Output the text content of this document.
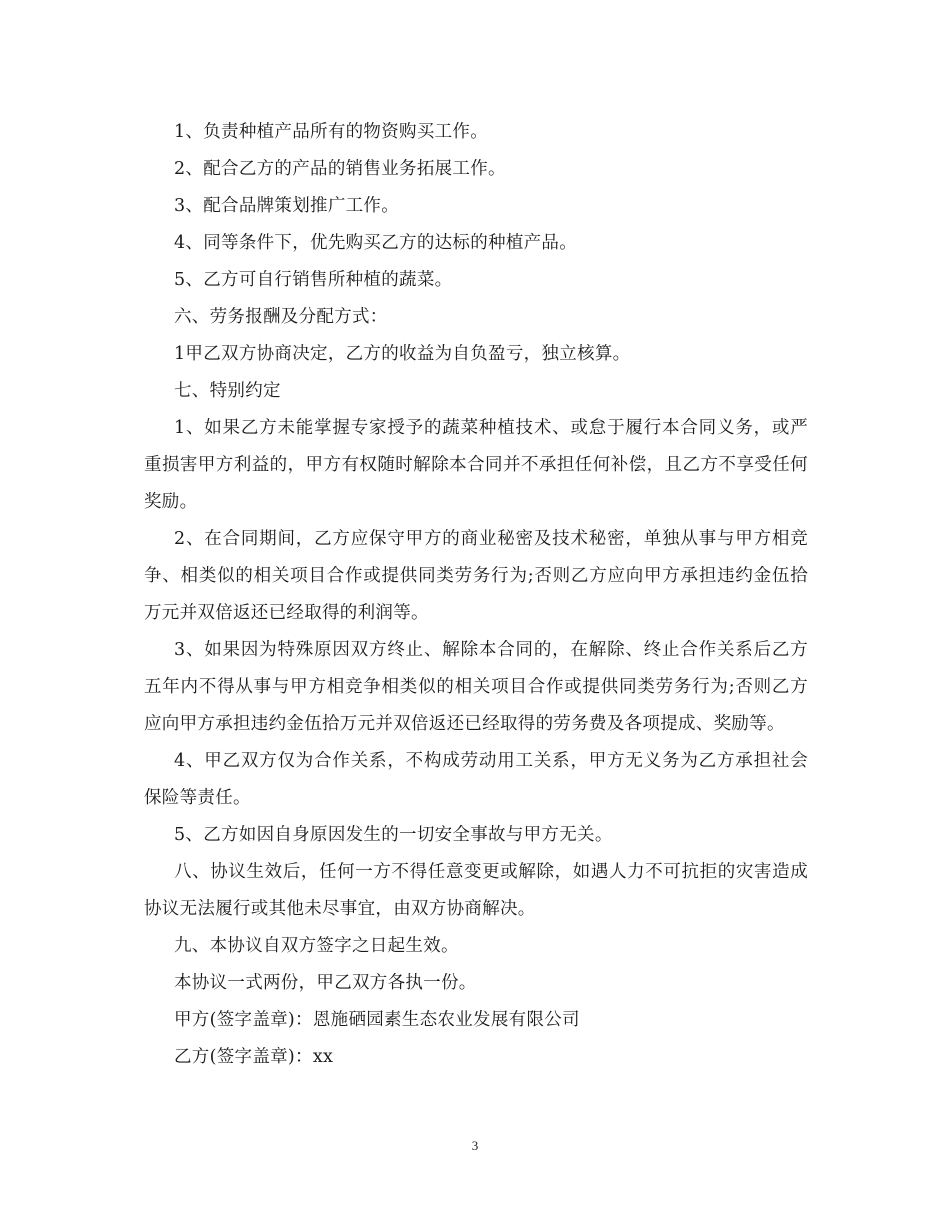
1、负责种植产品所有的物资购买工作。

2、配合乙方的产品的销售业务拓展工作。

3、配合品牌策划推广工作。

4、同等条件下，优先购买乙方的达标的种植产品。

5、乙方可自行销售所种植的蔬菜。

六、劳务报酬及分配方式：

1甲乙双方协商决定，乙方的收益为自负盈亏，独立核算。

七、特别约定

1、如果乙方未能掌握专家授予的蔬菜种植技术、或怠于履行本合同义务，或严重损害甲方利益的，甲方有权随时解除本合同并不承担任何补偿，且乙方不享受任何奖励。

2、在合同期间，乙方应保守甲方的商业秘密及技术秘密，单独从事与甲方相竞争、相类似的相关项目合作或提供同类劳务行为;否则乙方应向甲方承担违约金伍拾万元并双倍返还已经取得的利润等。

3、如果因为特殊原因双方终止、解除本合同的，在解除、终止合作关系后乙方五年内不得从事与甲方相竞争相类似的相关项目合作或提供同类劳务行为;否则乙方应向甲方承担违约金伍拾万元并双倍返还已经取得的劳务费及各项提成、奖励等。

4、甲乙双方仅为合作关系，不构成劳动用工关系，甲方无义务为乙方承担社会保险等责任。

5、乙方如因自身原因发生的一切安全事故与甲方无关。

八、协议生效后，任何一方不得任意变更或解除，如遇人力不可抗拒的灾害造成协议无法履行或其他未尽事宜，由双方协商解决。

九、本协议自双方签字之日起生效。

本协议一式两份，甲乙双方各执一份。

甲方(签字盖章)：恩施硒园素生态农业发展有限公司

乙方(签字盖章)：xx

3
